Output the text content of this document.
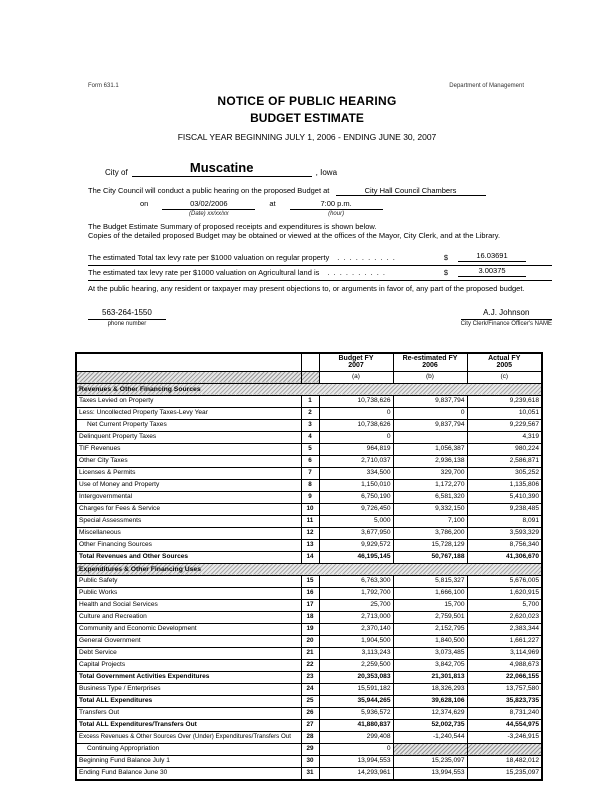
Form 631.1	Department of Management
NOTICE OF PUBLIC HEARING
BUDGET ESTIMATE
FISCAL YEAR BEGINNING JULY 1, 2006 - ENDING JUNE 30, 2007
City of	Muscatine	, Iowa
The City Council will conduct a public hearing on the proposed Budget at	City Hall Council Chambers
on	03/02/2006
(Date) xx/xx/xx
at	7:00 p.m.
(hour)
The Budget Estimate Summary of proposed receipts and expenditures is shown below.
Copies of the detailed proposed Budget may be obtained or viewed at the offices of the Mayor, City Clerk, and at the Library.
The estimated Total tax levy rate per $1000 valuation on regular property . . . . . . . . . .	$	16.03691
The estimated tax levy rate per $1000 valuation on Agricultural land is . . . . . . . . . .	$	3.00375
At the public hearing, any resident or taxpayer may present objections to, or arguments in favor of, any part of the proposed budget.
563-264-1550
phone number
A.J. Johnson
City Clerk/Finance Officer's NAME

Budget FY
2007

Re-estimated FY
2006

Actual FY
2005

		(a)	(b)	(c)
Revenues & Other Financing Sources				
Taxes Levied on Property	1	10,738,626	9,837,794	9,239,618
Less: Uncollected Property Taxes-Levy Year	2	0	0	10,051
Net Current Property Taxes	3	10,738,626	9,837,794	9,229,567
Delinquent Property Taxes	4	0		4,319
TIF Revenues	5	964,819	1,056,387	980,224
Other City Taxes	6	2,710,037	2,936,138	2,586,871
Licenses & Permits	7	334,500	329,700	305,252
Use of Money and Property	8	1,150,010	1,172,270	1,135,806
Intergovernmental	9	6,750,190	6,581,320	5,410,390
Charges for Fees & Service	10	9,726,450	9,332,150	9,238,485
Special Assessments	11	5,000	7,100	8,091
Miscellaneous	12	3,677,950	3,786,200	3,593,329
Other Financing Sources	13	9,929,572	15,728,129	8,756,340
Total Revenues and Other Sources	14	46,195,145	50,767,188	41,306,670
Expenditures & Other Financing Uses				
Public Safety	15	6,763,300	5,815,327	5,676,005
Public Works	16	1,792,700	1,666,100	1,620,915
Health and Social Services	17	25,700	15,700	5,700
Culture and Recreation	18	2,713,000	2,759,501	2,620,023
Community and Economic Development	19	2,370,140	2,152,795	2,383,344
General Government	20	1,904,500	1,840,500	1,661,227
Debt Service	21	3,113,243	3,073,485	3,114,969
Capital Projects	22	2,259,500	3,842,705	4,988,673
Total Government Activities Expenditures	23	20,353,083	21,301,813	22,066,155
Business Type / Enterprises	24	15,591,182	18,326,293	13,757,580
Total ALL Expenditures	25	35,944,265	39,628,106	35,823,735
Transfers Out	26	5,936,572	12,374,629	8,731,240
Total ALL Expenditures/Transfers Out	27	41,880,837	52,002,735	44,554,975
Excess Revenues & Other Sources Over (Under) Expenditures/Transfers Out	28	299,408	-1,240,544	-3,246,915
Continuing Appropriation	29	0		
Beginning Fund Balance July 1	30	13,994,553	15,235,097	18,482,012
Ending Fund Balance June 30	31	14,293,961	13,994,553	15,235,097
